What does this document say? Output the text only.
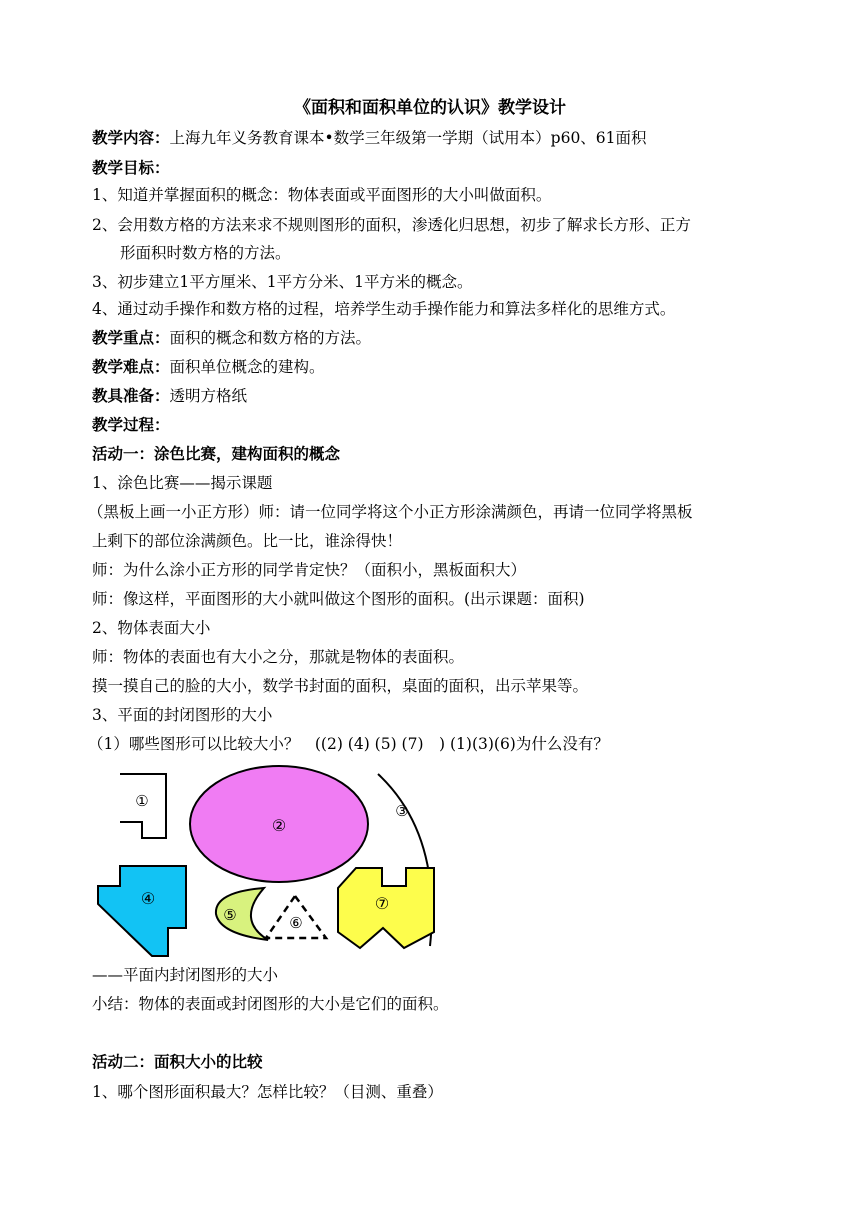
《面积和面积单位的认识》教学设计
教学内容：上海九年义务教育课本•数学三年级第一学期（试用本）p60、61面积
教学目标：
1、知道并掌握面积的概念：物体表面或平面图形的大小叫做面积。
2、会用数方格的方法来求不规则图形的面积，渗透化归思想，初步了解求长方形、正方
形面积时数方格的方法。
3、初步建立1平方厘米、1平方分米、1平方米的概念。
4、通过动手操作和数方格的过程，培养学生动手操作能力和算法多样化的思维方式。
教学重点：面积的概念和数方格的方法。
教学难点：面积单位概念的建构。
教具准备：透明方格纸
教学过程：
活动一：涂色比赛，建构面积的概念
1、涂色比赛——揭示课题
（黑板上画一小正方形）师：请一位同学将这个小正方形涂满颜色，再请一位同学将黑板
上剩下的部位涂满颜色。比一比，谁涂得快！
师：为什么涂小正方形的同学肯定快？（面积小，黑板面积大）
师：像这样，平面图形的大小就叫做这个图形的面积。(出示课题：面积)
2、物体表面大小
师：物体的表面也有大小之分，那就是物体的表面积。
摸一摸自己的脸的大小，数学书封面的面积，桌面的面积，出示苹果等。
3、平面的封闭图形的大小
（1）哪些图形可以比较大小？　((2) (4) (5) (7)　) (1)(3)(6)为什么没有？
①
②
③
④
⑤	⑥
⑦
——平面内封闭图形的大小
小结：物体的表面或封闭图形的大小是它们的面积。
活动二：面积大小的比较
1、哪个图形面积最大？怎样比较？（目测、重叠）
